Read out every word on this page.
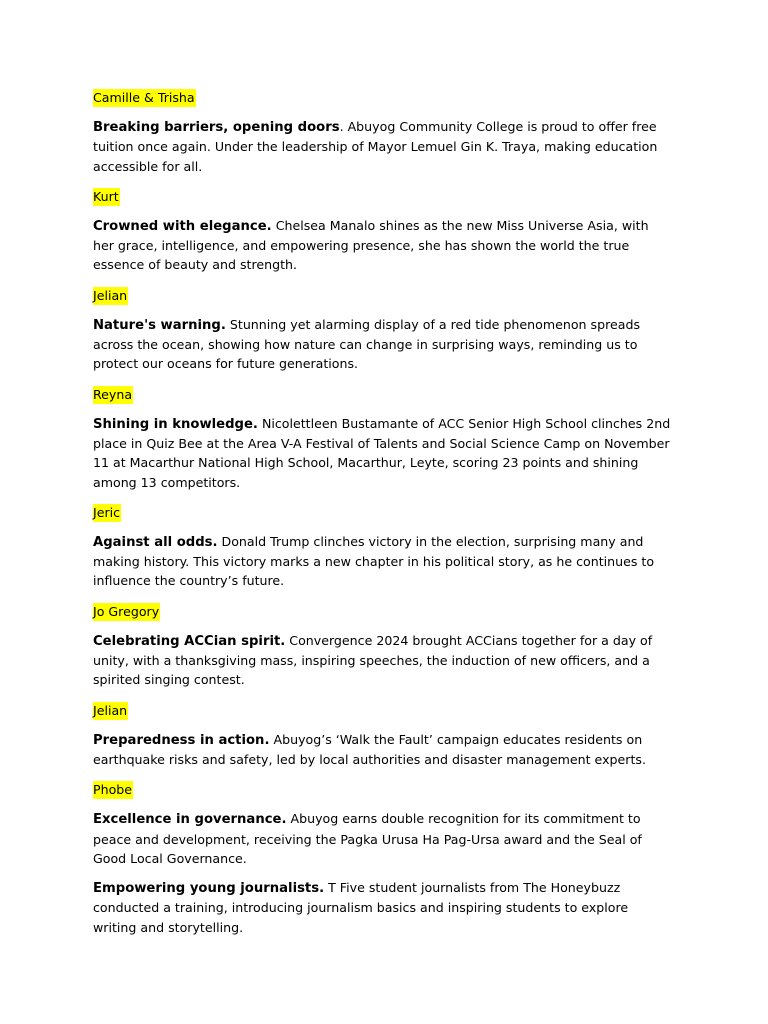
Camille & Trisha

Breaking barriers, opening doors. Abuyog Community College is proud to offer free tuition once again. Under the leadership of Mayor Lemuel Gin K. Traya, making education accessible for all.

Kurt

Crowned with elegance. Chelsea Manalo shines as the new Miss Universe Asia, with her grace, intelligence, and empowering presence, she has shown the world the true essence of beauty and strength.

Jelian

Nature's warning. Stunning yet alarming display of a red tide phenomenon spreads across the ocean, showing how nature can change in surprising ways, reminding us to protect our oceans for future generations.

Reyna

Shining in knowledge. Nicolettleen Bustamante of ACC Senior High School clinches 2nd place in Quiz Bee at the Area V-A Festival of Talents and Social Science Camp on November 11 at Macarthur National High School, Macarthur, Leyte, scoring 23 points and shining among 13 competitors.

Jeric

Against all odds. Donald Trump clinches victory in the election, surprising many and making history. This victory marks a new chapter in his political story, as he continues to influence the country’s future.

Jo Gregory

Celebrating ACCian spirit. Convergence 2024 brought ACCians together for a day of unity, with a thanksgiving mass, inspiring speeches, the induction of new officers, and a spirited singing contest.

Jelian

Preparedness in action. Abuyog’s ‘Walk the Fault’ campaign educates residents on earthquake risks and safety, led by local authorities and disaster management experts.

Phobe

Excellence in governance. Abuyog earns double recognition for its commitment to peace and development, receiving the Pagka Urusa Ha Pag-Ursa award and the Seal of Good Local Governance.

Empowering young journalists. T Five student journalists from The Honeybuzz conducted a training, introducing journalism basics and inspiring students to explore writing and storytelling.
